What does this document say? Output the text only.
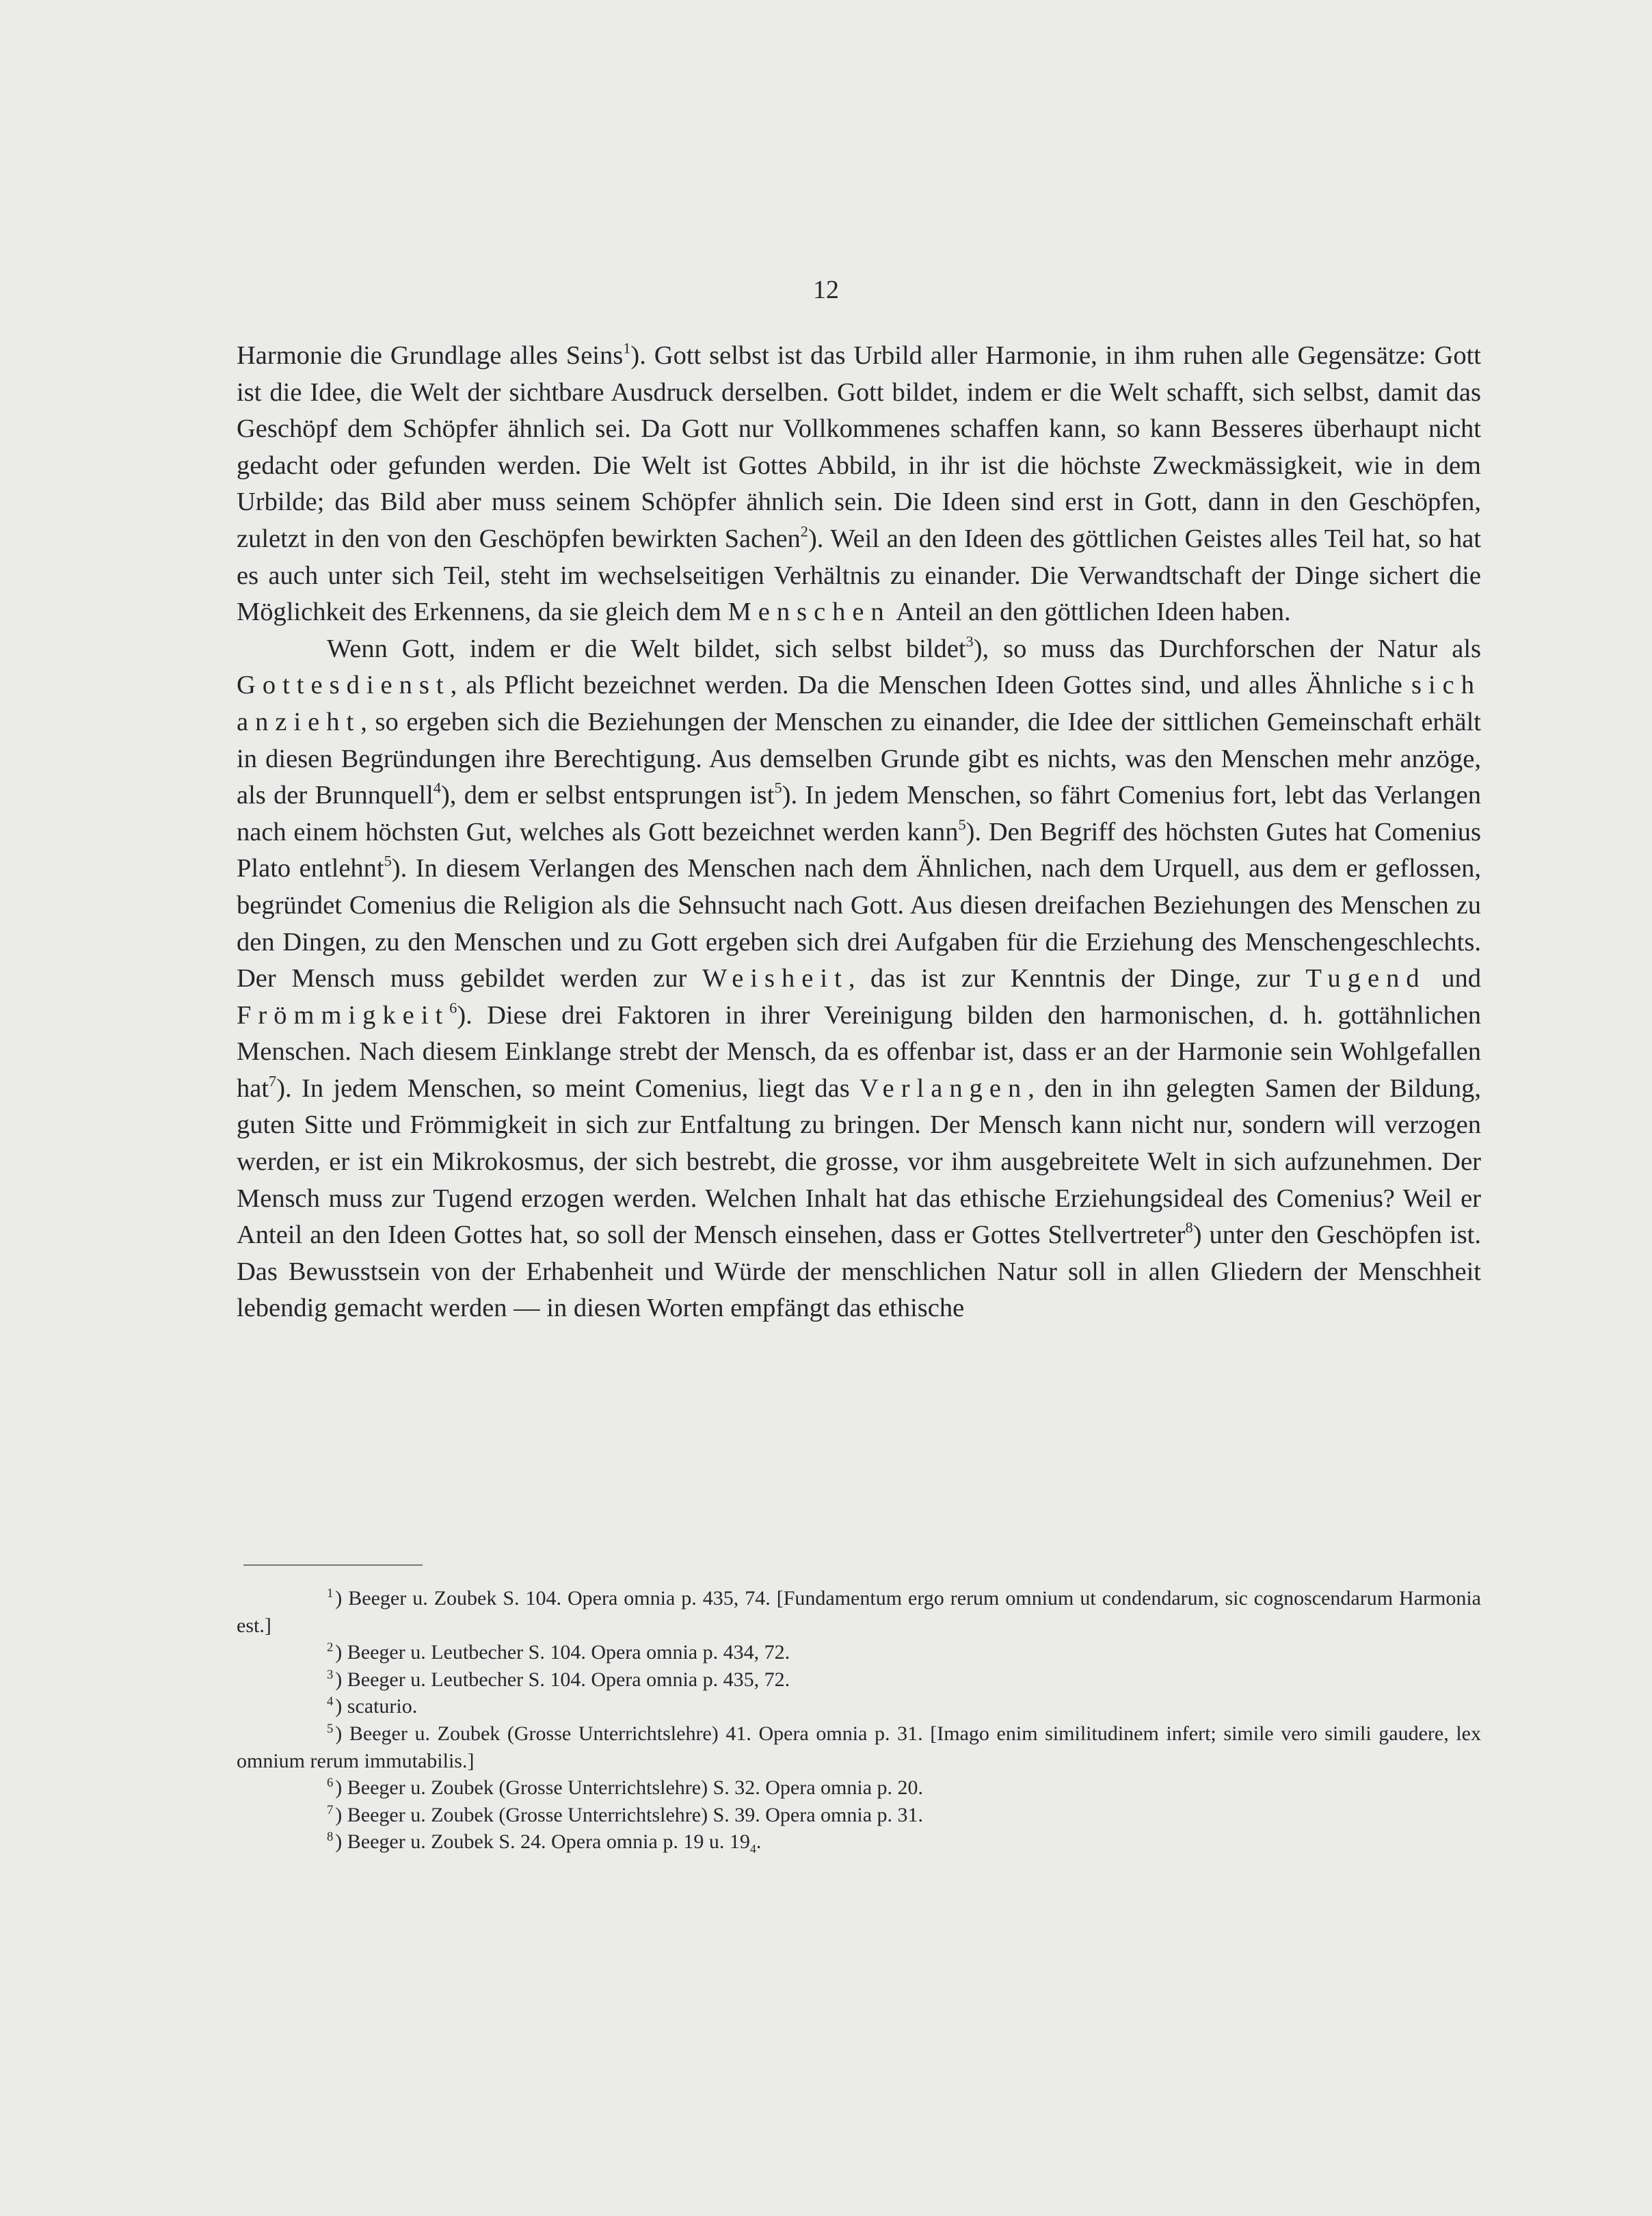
12

Harmonie die Grundlage alles Seins$^1$). Gott selbst ist das Urbild aller Harmonie, in ihm ruhen alle Gegensätze: Gott ist die Idee, die Welt der sichtbare Ausdruck derselben. Gott bildet, indem er die Welt schafft, sich selbst, damit das Geschöpf dem Schöpfer ähnlich sei. Da Gott nur Vollkommenes schaffen kann, so kann Besseres überhaupt nicht gedacht oder gefunden werden. Die Welt ist Gottes Abbild, in ihr ist die höchste Zweckmässigkeit, wie in dem Urbilde; das Bild aber muss seinem Schöpfer ähnlich sein. Die Ideen sind erst in Gott, dann in den Geschöpfen, zuletzt in den von den Geschöpfen bewirkten Sachen$^2$). Weil an den Ideen des göttlichen Geistes alles Teil hat, so hat es auch unter sich Teil, steht im wechselseitigen Verhältnis zu einander. Die Verwandtschaft der Dinge sichert die Möglichkeit des Erkennens, da sie gleich dem Menschen Anteil an den göttlichen Ideen haben.

Wenn Gott, indem er die Welt bildet, sich selbst bildet$^3$), so muss das Durchforschen der Natur als Gottesdienst, als Pflicht bezeichnet werden. Da die Menschen Ideen Gottes sind, und alles Ähnliche sich anzieht, so ergeben sich die Beziehungen der Menschen zu einander, die Idee der sittlichen Gemeinschaft erhält in diesen Begründungen ihre Berechtigung. Aus demselben Grunde gibt es nichts, was den Menschen mehr anzöge, als der Brunnquell$^4$), dem er selbst entsprungen ist$^5$). In jedem Menschen, so fährt Comenius fort, lebt das Verlangen nach einem höchsten Gut, welches als Gott bezeichnet werden kann$^5$). Den Begriff des höchsten Gutes hat Comenius Plato entlehnt$^5$). In diesem Verlangen des Menschen nach dem Ähnlichen, nach dem Urquell, aus dem er geflossen, begründet Comenius die Religion als die Sehnsucht nach Gott. Aus diesen dreifachen Beziehungen des Menschen zu den Dingen, zu den Menschen und zu Gott ergeben sich drei Aufgaben für die Erziehung des Menschengeschlechts. Der Mensch muss gebildet werden zur Weisheit, das ist zur Kenntnis der Dinge, zur Tugend und Frömmigkeit$^6$). Diese drei Faktoren in ihrer Vereinigung bilden den harmonischen, d. h. gottähnlichen Menschen. Nach diesem Einklange strebt der Mensch, da es offenbar ist, dass er an der Harmonie sein Wohlgefallen hat$^7$). In jedem Menschen, so meint Comenius, liegt das Verlangen, den in ihn gelegten Samen der Bildung, guten Sitte und Frömmigkeit in sich zur Entfaltung zu bringen. Der Mensch kann nicht nur, sondern will verzogen werden, er ist ein Mikrokosmus, der sich bestrebt, die grosse, vor ihm ausgebreitete Welt in sich aufzunehmen. Der Mensch muss zur Tugend erzogen werden. Welchen Inhalt hat das ethische Erziehungsideal des Comenius? Weil er Anteil an den Ideen Gottes hat, so soll der Mensch einsehen, dass er Gottes Stellvertreter$^8$) unter den Geschöpfen ist. Das Bewusstsein von der Erhabenheit und Würde der menschlichen Natur soll in allen Gliedern der Menschheit lebendig gemacht werden — in diesen Worten empfängt das ethische

$^1$ ) Beeger u. Zoubek S. 104. Opera omnia p. 435, 74. [Fundamentum ergo rerum omnium ut condendarum, sic cognoscendarum Harmonia est.]

$^2$ ) Beeger u. Leutbecher S. 104. Opera omnia p. 434, 72.

$^3$ ) Beeger u. Leutbecher S. 104. Opera omnia p. 435, 72.

$^4$ ) scaturio.

$^5$ ) Beeger u. Zoubek (Grosse Unterrichtslehre) 41. Opera omnia p. 31. [Imago enim similitudinem infert; simile vero simili gaudere, lex omnium rerum immutabilis.]

$^6$ ) Beeger u. Zoubek (Grosse Unterrichtslehre) S. 32. Opera omnia p. 20.

$^7$ ) Beeger u. Zoubek (Grosse Unterrichtslehre) S. 39. Opera omnia p. 31.

$^8$ ) Beeger u. Zoubek S. 24. Opera omnia p. 19 u. $19_4$.
